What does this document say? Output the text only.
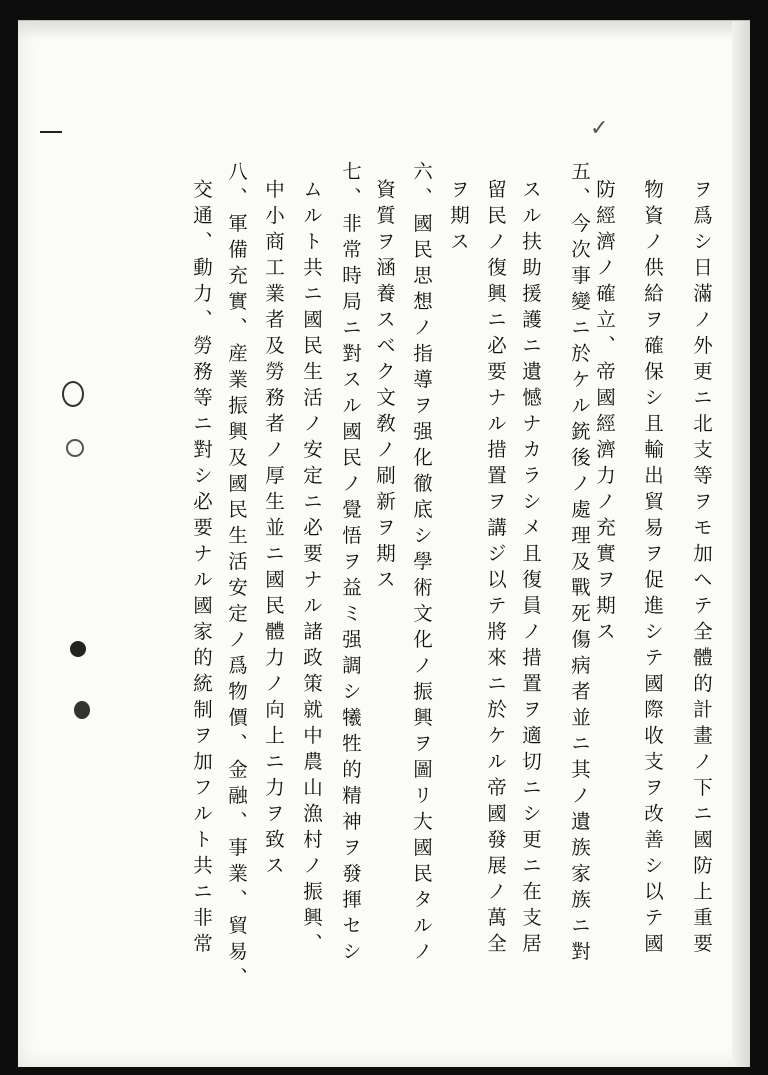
✓
ヲ爲シ日滿ノ外更ニ北支等ヲモ加ヘテ全體的計畫ノ下ニ國防上重要
物資ノ供給ヲ確保シ且輸出貿易ヲ促進シテ國際收支ヲ改善シ以テ國
防經濟ノ確立、帝國經濟力ノ充實ヲ期ス
五、今次事變ニ於ケル銃後ノ處理及戰死傷病者並ニ其ノ遺族家族ニ對
スル扶助援護ニ遺憾ナカラシメ且復員ノ措置ヲ適切ニシ更ニ在支居
留民ノ復興ニ必要ナル措置ヲ講ジ以テ將來ニ於ケル帝國發展ノ萬全
ヲ期ス
六、國民思想ノ指導ヲ强化徹底シ學術文化ノ振興ヲ圖リ大國民タルノ
資質ヲ涵養スベク文敎ノ刷新ヲ期ス
七、非常時局ニ對スル國民ノ覺悟ヲ益ミ强調シ犧牲的精神ヲ發揮セシ
ムルト共ニ國民生活ノ安定ニ必要ナル諸政策就中農山漁村ノ振興、
中小商工業者及勞務者ノ厚生並ニ國民體力ノ向上ニ力ヲ致ス
八、軍備充實、産業振興及國民生活安定ノ爲物價、金融、事業、貿易、
交通、動力、勞務等ニ對シ必要ナル國家的統制ヲ加フルト共ニ非常
